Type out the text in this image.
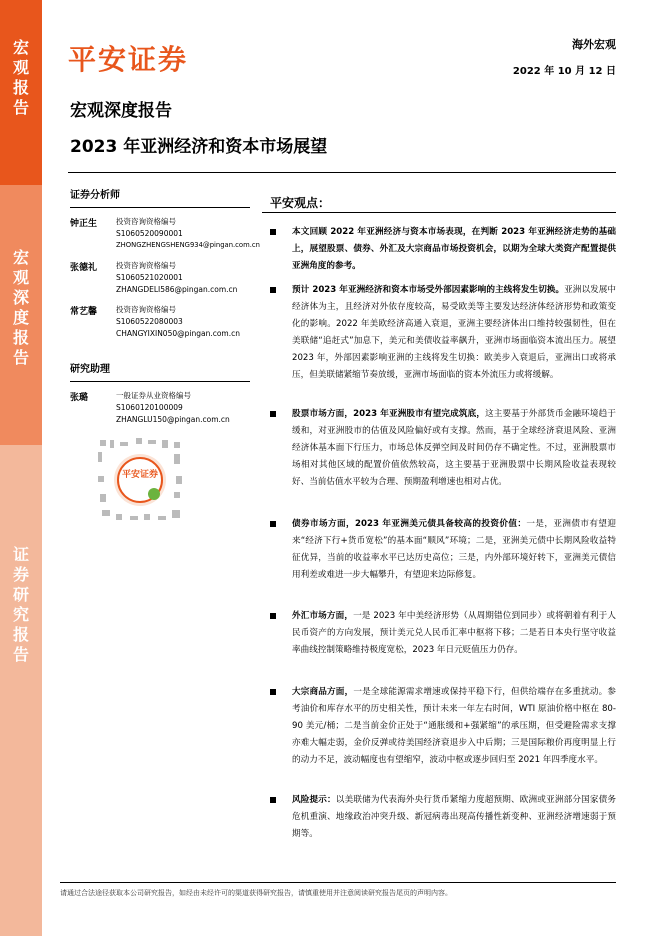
宏观报告
宏观深度报告
证券研究报告
平安证券	海外宏观
2022 年 10 月 12 日
宏观深度报告
2023 年亚洲经济和资本市场展望
证券分析师
钟正生	投资咨询资格编号
S1060520090001
ZHONGZHENGSHENG934@pingan.com.cn
张德礼	投资咨询资格编号
S1060521020001
ZHANGDELI586@pingan.com.cn
常艺馨	投资咨询资格编号
S1060522080003
CHANGYIXIN050@pingan.com.cn
研究助理
张璐	一般证券从业资格编号
S1060120100009
ZHANGLU150@pingan.com.cn
平安证券
平安观点：
本文回顾 2022 年亚洲经济与资本市场表现，在判断 2023 年亚洲经济走势的基础上，展望股票、债券、外汇及大宗商品市场投资机会，以期为全球大类资产配置提供亚洲角度的参考。
预计 2023 年亚洲经济和资本市场受外部因素影响的主线将发生切换。亚洲以发展中经济体为主，且经济对外依存度较高，易受欧美等主要发达经济体经济形势和政策变化的影响。2022 年美欧经济高通入衰退，亚洲主要经济体出口维持较强韧性，但在美联储“追赶式”加息下，美元和美债收益率飙升，亚洲市场面临资本流出压力。展望 2023 年，外部因素影响亚洲的主线将发生切换：欧美步入衰退后，亚洲出口或将承压，但美联储紧缩节奏放缓，亚洲市场面临的资本外流压力或将缓解。
股票市场方面，2023 年亚洲股市有望完成筑底，这主要基于外部货币金融环境趋于缓和，对亚洲股市的估值及风险偏好或有支撑。然而，基于全球经济衰退风险、亚洲经济体基本面下行压力，市场总体反弹空间及时间仍存不确定性。不过，亚洲股票市场相对其他区域的配置价值依然较高，这主要基于亚洲股票中长期风险收益表现较好、当前估值水平较为合理、预期盈利增速也相对占优。
债券市场方面，2023 年亚洲美元债具备较高的投资价值：一是，亚洲债市有望迎来“经济下行+货币宽松”的基本面“顺风”环境；二是，亚洲美元债中长期风险收益特征优异，当前的收益率水平已达历史高位；三是，内外部环境好转下，亚洲美元债信用利差或难进一步大幅攀升，有望迎来边际修复。
外汇市场方面，一是 2023 年中美经济形势（从周期错位到同步）或将朝着有利于人民币资产的方向发展，预计美元兑人民币汇率中枢将下移；二是若日本央行坚守收益率曲线控制策略维持极度宽松，2023 年日元贬值压力仍存。
大宗商品方面，一是全球能源需求增速或保持平稳下行，但供给端存在多重扰动。参考油价和库存水平的历史相关性，预计未来一年左右时间，WTI 原油价格中枢在 80-90 美元/桶；二是当前金价正处于“通胀缓和+强紧缩”的承压期，但受避险需求支撑亦难大幅走弱，金价反弹或待美国经济衰退步入中后期；三是国际粮价再度明显上行的动力不足，波动幅度也有望缩窄，波动中枢或逐步回归至 2021 年四季度水平。
风险提示：以美联储为代表海外央行货币紧缩力度超预期、欧洲或亚洲部分国家债务危机重演、地缘政治冲突升级、新冠病毒出现高传播性新变种、亚洲经济增速弱于预期等。
请通过合法途径获取本公司研究报告，如经由未经许可的渠道获得研究报告，请慎重使用并注意阅读研究报告尾页的声明内容。
